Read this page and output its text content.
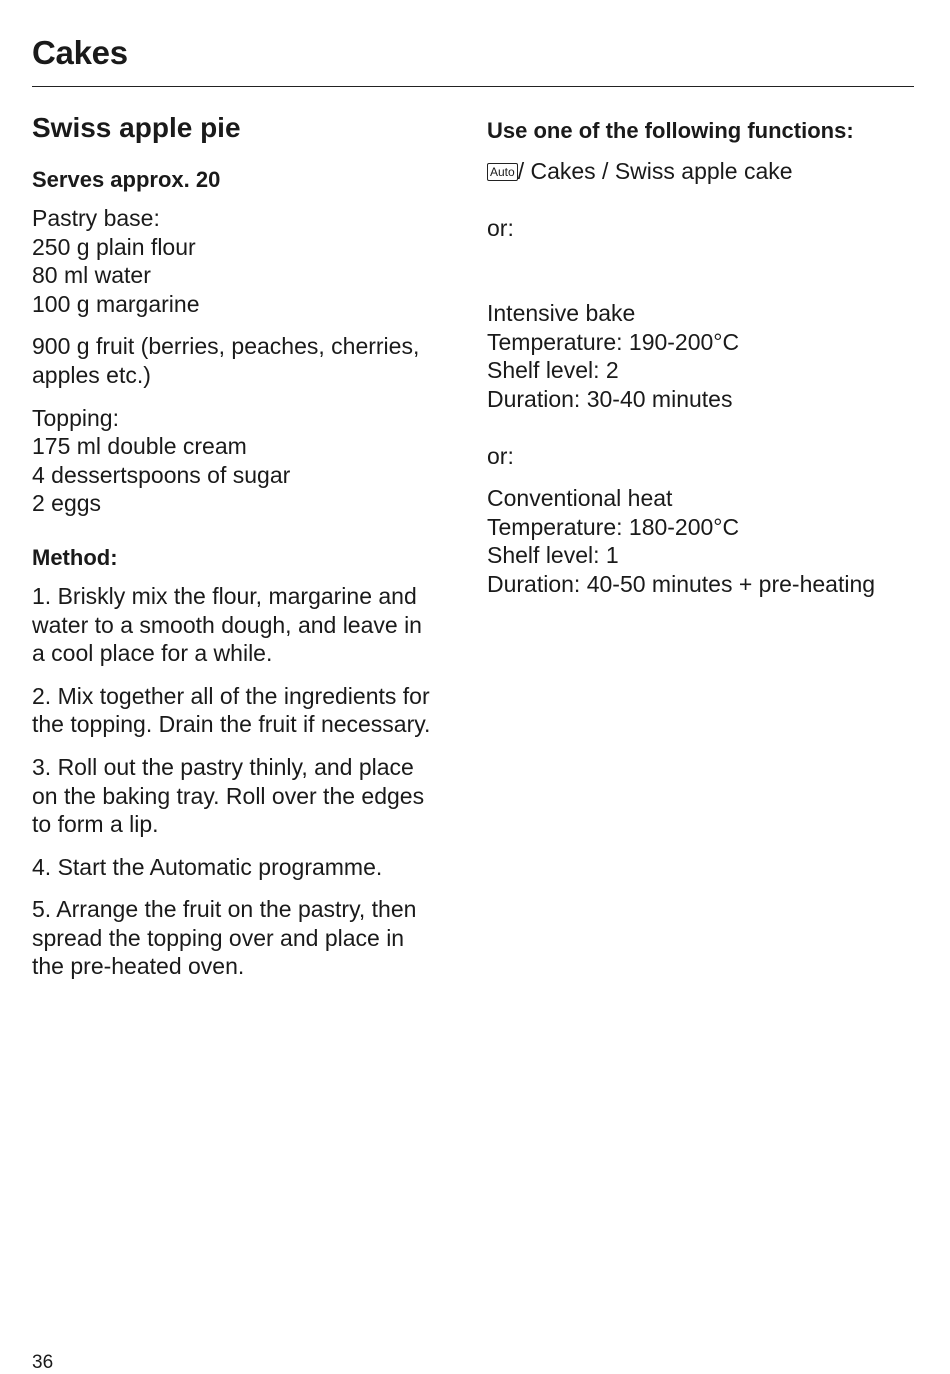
Cakes
Swiss apple pie
Serves approx. 20

Pastry base:
250 g plain flour
80 ml water
100 g margarine

900 g fruit (berries, peaches, cherries,
apples etc.)

Topping:
175 ml double cream
4 dessertspoons of sugar
2 eggs

Method:

1. Briskly mix the flour, margarine and
water to a smooth dough, and leave in
a cool place for a while.

2. Mix together all of the ingredients for
the topping. Drain the fruit if necessary.

3. Roll out the pastry thinly, and place
on the baking tray. Roll over the edges
to form a lip.

4. Start the Automatic programme.

5. Arrange the fruit on the pastry, then
spread the topping over and place in
the pre-heated oven.

Use one of the following functions:

Auto / Cakes / Swiss apple cake

or:

Intensive bake
Temperature: 190-200°C
Shelf level: 2
Duration: 30-40 minutes

or:

Conventional heat
Temperature: 180-200°C
Shelf level: 1
Duration: 40-50 minutes + pre-heating

36
